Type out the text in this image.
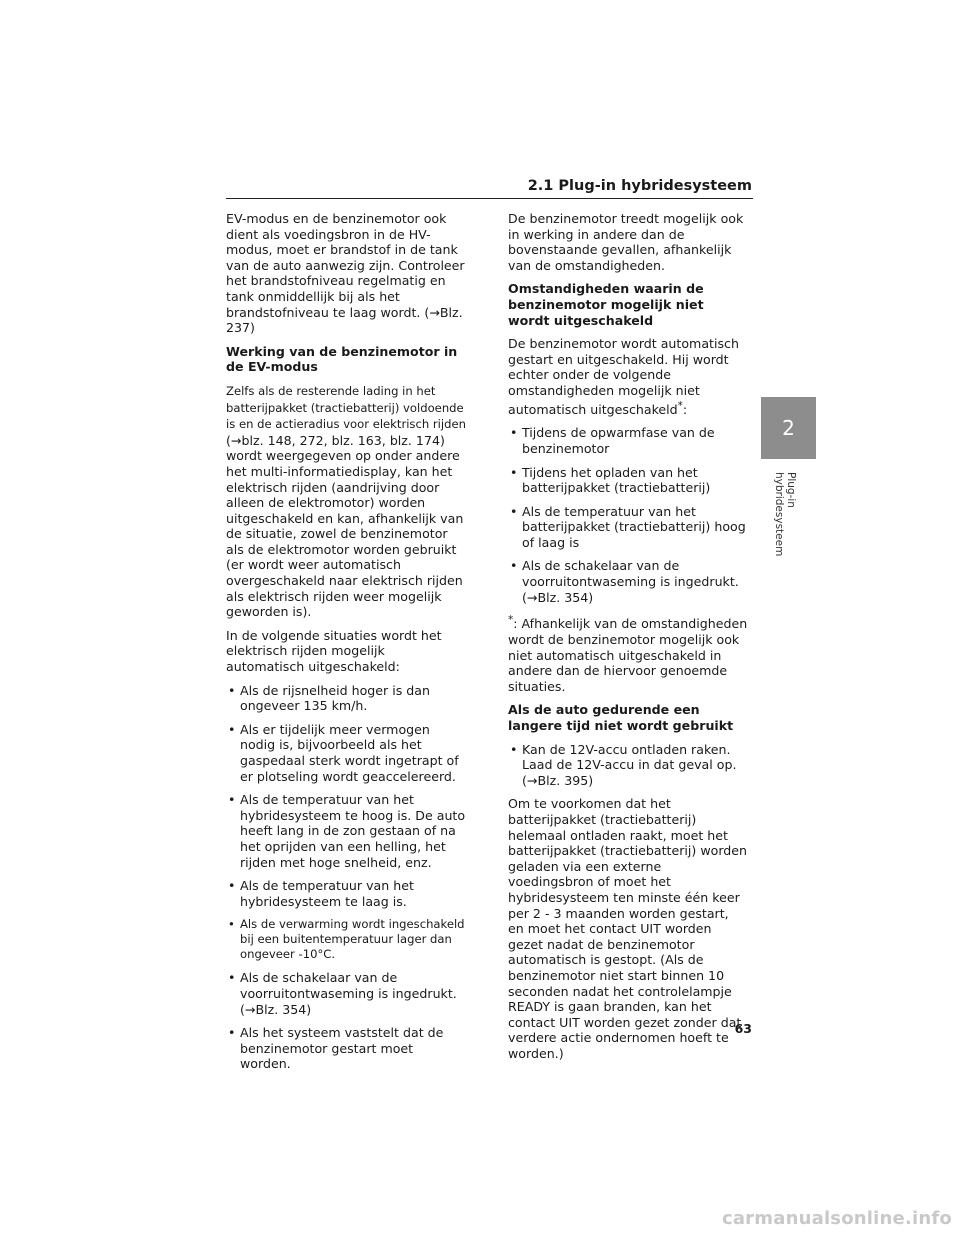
2.1 Plug-in hybridesysteem

EV-modus en de benzinemotor ook dient als voedingsbron in de HV-modus, moet er brandstof in de tank van de auto aanwezig zijn. Controleer het brandstofniveau regelmatig en tank onmiddellijk bij als het brandstofniveau te laag wordt. (→Blz. 237)

Werking van de benzinemotor in de EV-modus

Zelfs als de resterende lading in het batterijpakket (tractiebatterij) voldoende is en de actieradius voor elektrisch rijden

(→blz. 148, 272, blz. 163, blz. 174) wordt weergegeven op onder andere het multi-informatiedisplay, kan het elektrisch rijden (aandrijving door alleen de elektromotor) worden uitgeschakeld en kan, afhankelijk van de situatie, zowel de benzinemotor als de elektromotor worden gebruikt (er wordt weer automatisch overgeschakeld naar elektrisch rijden als elektrisch rijden weer mogelijk geworden is).

In de volgende situaties wordt het elektrisch rijden mogelijk automatisch uitgeschakeld:

• Als de rijsnelheid hoger is dan ongeveer 135 km/h.
• Als er tijdelijk meer vermogen nodig is, bijvoorbeeld als het gaspedaal sterk wordt ingetrapt of er plotseling wordt geaccelereerd.
• Als de temperatuur van het hybridesysteem te hoog is. De auto heeft lang in de zon gestaan of na het oprijden van een helling, het rijden met hoge snelheid, enz.
• Als de temperatuur van het hybridesysteem te laag is.
• Als de verwarming wordt ingeschakeld bij een buitentemperatuur lager dan ongeveer -10°C.
• Als de schakelaar van de voorruitontwaseming is ingedrukt. (→Blz. 354)
• Als het systeem vaststelt dat de benzinemotor gestart moet worden.

De benzinemotor treedt mogelijk ook in werking in andere dan de bovenstaande gevallen, afhankelijk van de omstandigheden.

Omstandigheden waarin de benzinemotor mogelijk niet wordt uitgeschakeld

De benzinemotor wordt automatisch gestart en uitgeschakeld. Hij wordt echter onder de volgende omstandigheden mogelijk niet automatisch uitgeschakeld*:

• Tijdens de opwarmfase van de benzinemotor
• Tijdens het opladen van het batterijpakket (tractiebatterij)
• Als de temperatuur van het batterijpakket (tractiebatterij) hoog of laag is
• Als de schakelaar van de voorruitontwaseming is ingedrukt. (→Blz. 354)

*: Afhankelijk van de omstandigheden wordt de benzinemotor mogelijk ook niet automatisch uitgeschakeld in andere dan de hiervoor genoemde situaties.

Als de auto gedurende een langere tijd niet wordt gebruikt

• Kan de 12V-accu ontladen raken. Laad de 12V-accu in dat geval op. (→Blz. 395)

Om te voorkomen dat het batterijpakket (tractiebatterij) helemaal ontladen raakt, moet het batterijpakket (tractiebatterij) worden geladen via een externe voedingsbron of moet het hybridesysteem ten minste één keer per 2 - 3 maanden worden gestart, en moet het contact UIT worden gezet nadat de benzinemotor automatisch is gestopt. (Als de benzinemotor niet start binnen 10 seconden nadat het controlelampje READY is gaan branden, kan het contact UIT worden gezet zonder dat verdere actie ondernomen hoeft te worden.)

2
Plug-in hybridesysteem
63
carmanualsonline.info
